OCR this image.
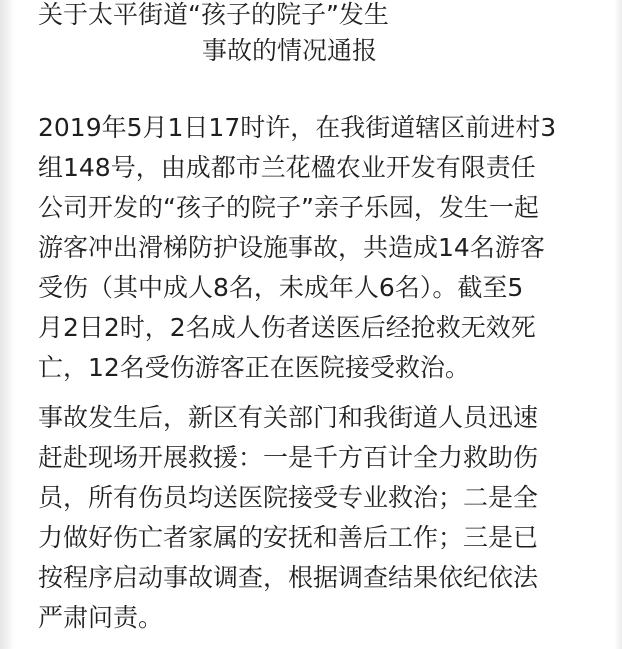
关于太平街道“孩子的院子”发生
事故的情况通报
2019年5月1日17时许，在我街道辖区前进村3
组148号，由成都市兰花楹农业开发有限责任
公司开发的“孩子的院子”亲子乐园，发生一起
游客冲出滑梯防护设施事故，共造成14名游客
受伤（其中成人8名，未成年人6名）。截至5
月2日2时，2名成人伤者送医后经抢救无效死
亡，12名受伤游客正在医院接受救治。
事故发生后，新区有关部门和我街道人员迅速
赶赴现场开展救援：一是千方百计全力救助伤
员，所有伤员均送医院接受专业救治；二是全
力做好伤亡者家属的安抚和善后工作；三是已
按程序启动事故调查，根据调查结果依纪依法
严肃问责。
